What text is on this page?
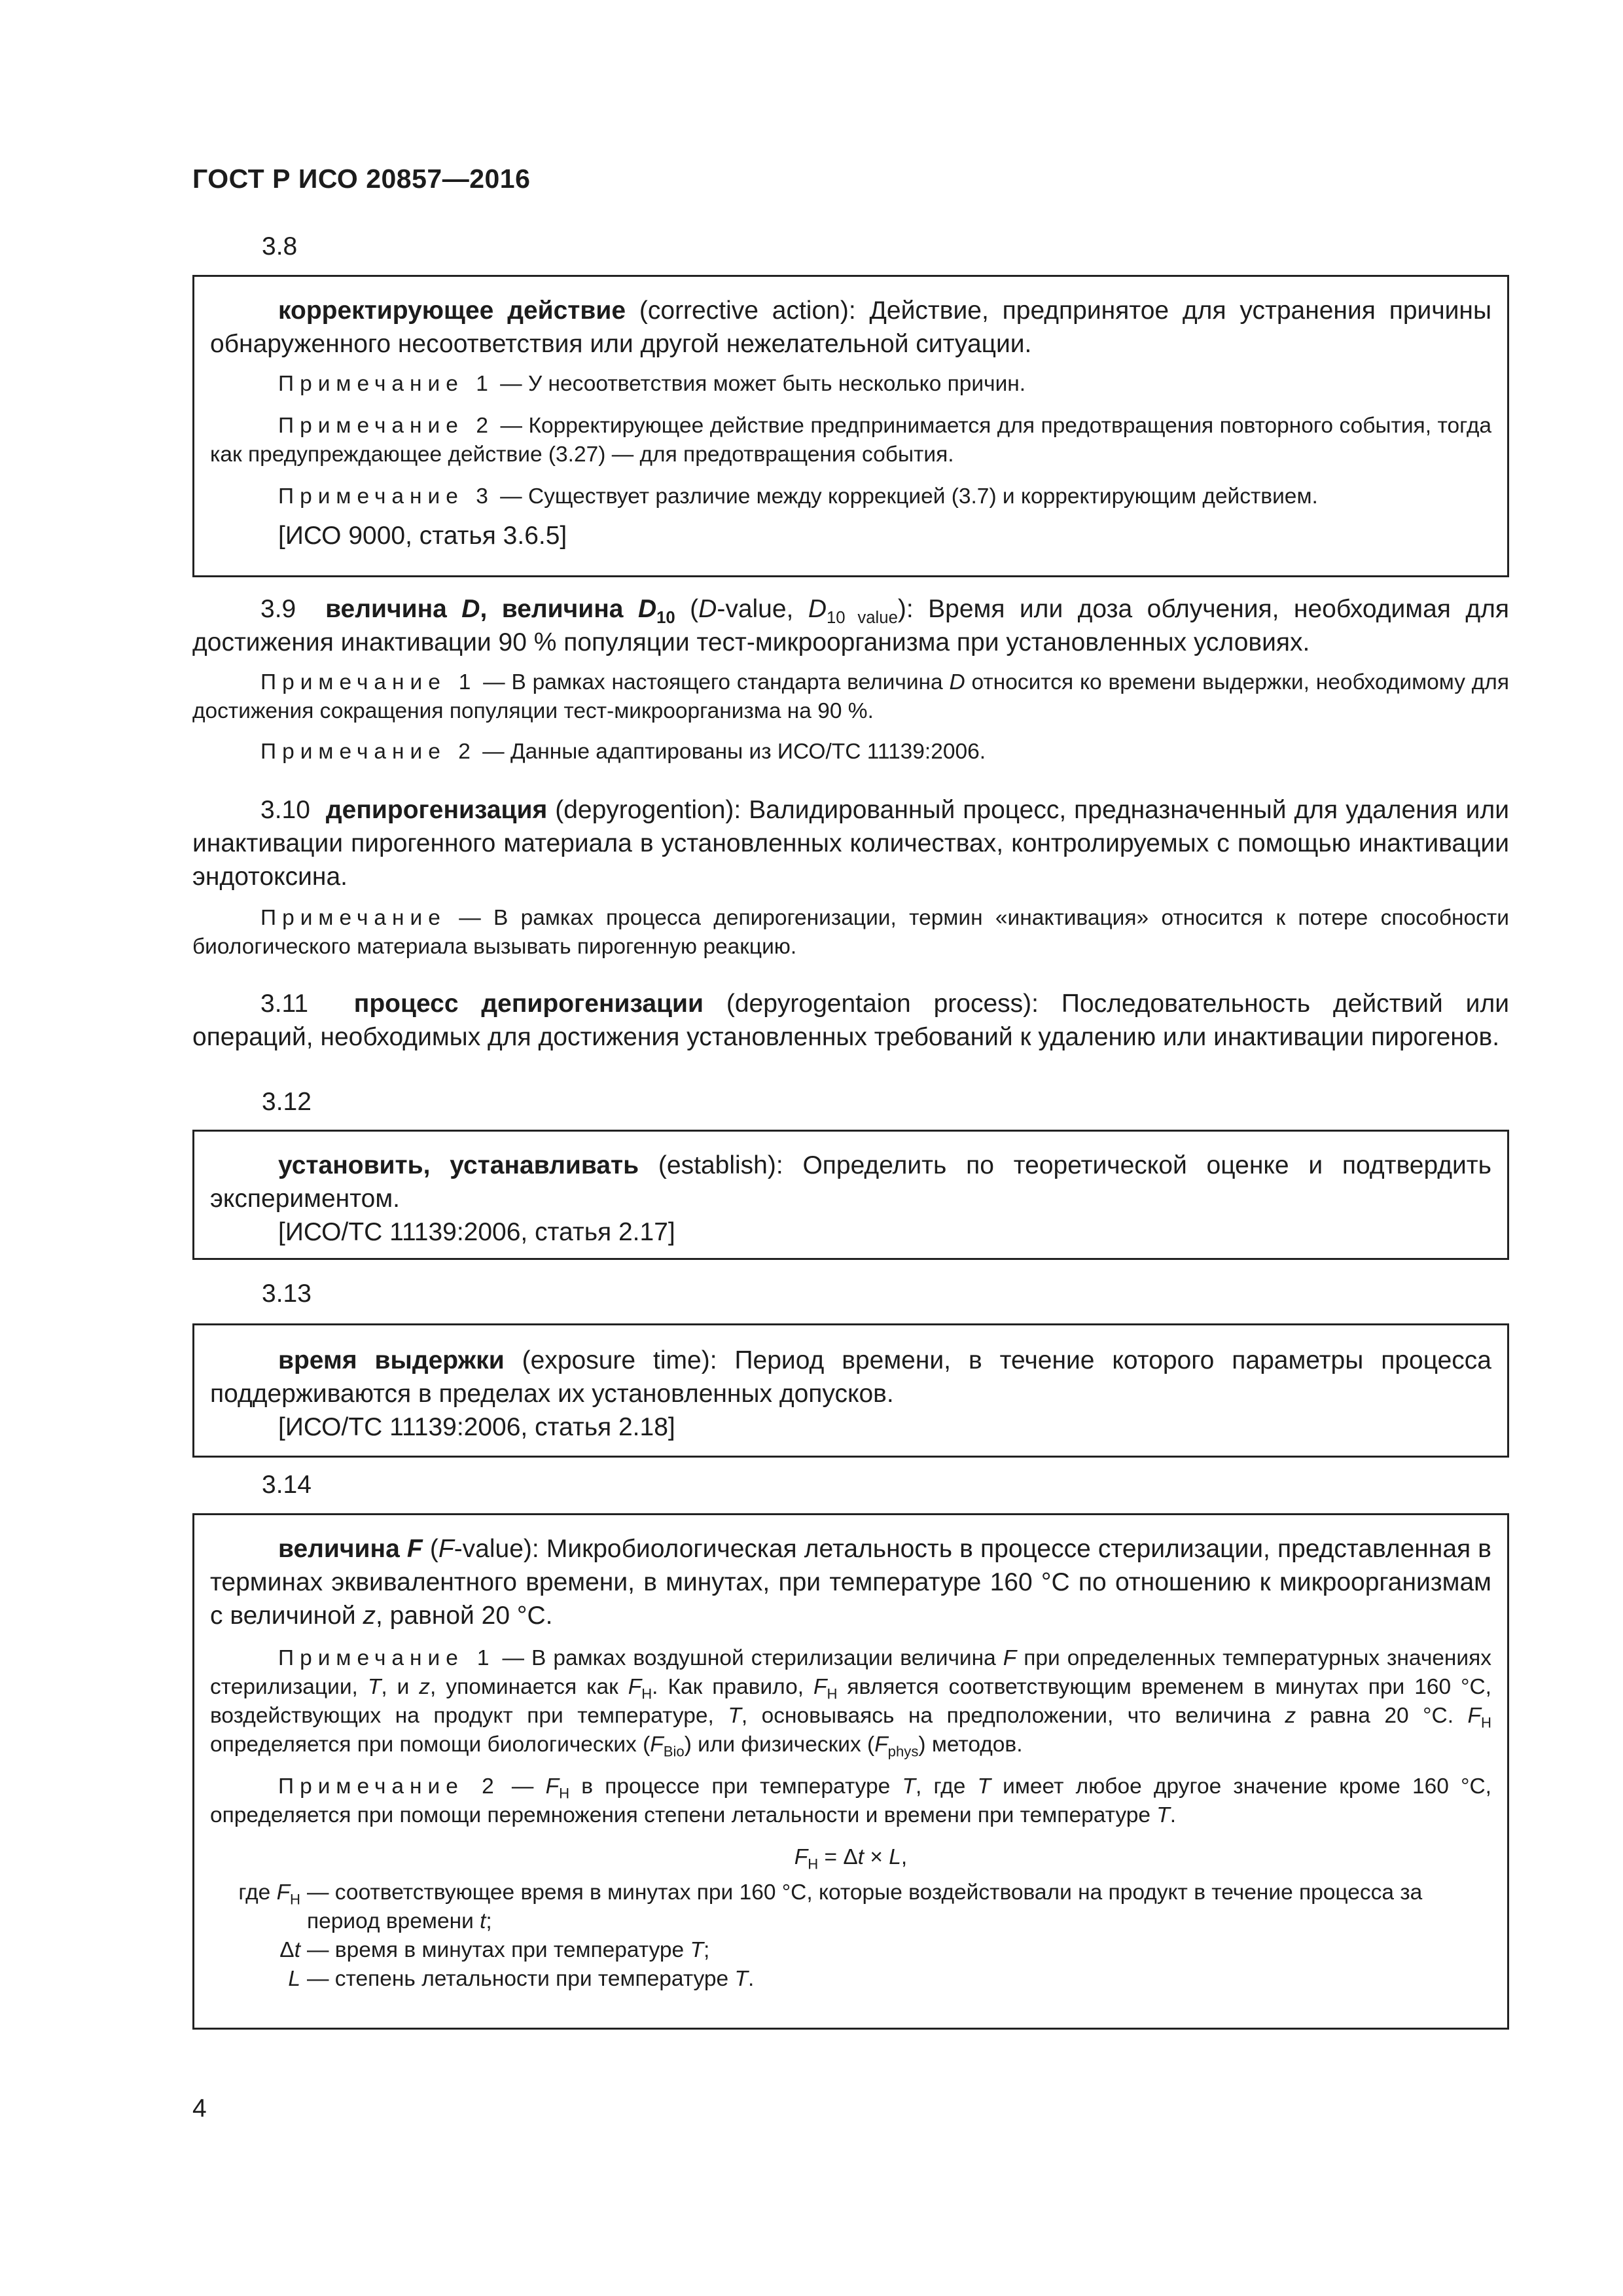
ГОСТ Р ИСО 20857—2016
3.8

корректирующее действие (corrective action): Действие, предпринятое для устранения причины обнаруженного несоответствия или другой нежелательной ситуации.

Примечание 1 — У несоответствия может быть несколько причин.

Примечание 2 — Корректирующее действие предпринимается для предотвращения повторного события, тогда как предупреждающее действие (3.27) — для предотвращения события.

Примечание 3 — Существует различие между коррекцией (3.7) и корректирующим действием.

[ИСО 9000, статья 3.6.5]

3.9 величина D, величина $D_{10}$ (D-value, $D_{10 value}$): Время или доза облучения, необходимая для достижения инактивации 90 % популяции тест-микроорганизма при установленных условиях.

Примечание 1 — В рамках настоящего стандарта величина D относится ко времени выдержки, необходимому для достижения сокращения популяции тест-микроорганизма на 90 %.

Примечание 2 — Данные адаптированы из ИСО/ТС 11139:2006.

3.10 депирогенизация (depyrogention): Валидированный процесс, предназначенный для удаления или инактивации пирогенного материала в установленных количествах, контролируемых с помощью инактивации эндотоксина.

Примечание — В рамках процесса депирогенизации, термин «инактивация» относится к потере способности биологического материала вызывать пирогенную реакцию.

3.11 процесс депирогенизации (depyrogentaion process): Последовательность действий или операций, необходимых для достижения установленных требований к удалению или инактивации пирогенов.

3.12

установить, устанавливать (establish): Определить по теоретической оценке и подтвердить экспериментом.

[ИСО/ТС 11139:2006, статья 2.17]

3.13

время выдержки (exposure time): Период времени, в течение которого параметры процесса поддерживаются в пределах их установленных допусков.

[ИСО/ТС 11139:2006, статья 2.18]

3.14

величина F (F-value): Микробиологическая летальность в процессе стерилизации, представленная в терминах эквивалентного времени, в минутах, при температуре 160 °С по отношению к микроорганизмам с величиной z, равной 20 °С.

Примечание 1 — В рамках воздушной стерилизации величина F при определенных температурных значениях стерилизации, T, и z, упоминается как $F_H$. Как правило, $F_H$ является соответствующим временем в минутах при 160 °С, воздействующих на продукт при температуре, T, основываясь на предположении, что величина z равна 20 °С. $F_H$ определяется при помощи биологических $(F_{Bio})$ или физических $(F_{phys})$ методов.

Примечание 2 — $F_H$ в процессе при температуре T, где T имеет любое другое значение кроме 160 °С, определяется при помощи перемножения степени летальности и времени при температуре T.

$F_H = \Delta t \times L$,

где $F_H$ — соответствующее время в минутах при 160 °С, которые воздействовали на продукт в течение процесса за период времени t;
Δt — время в минутах при температуре T;
L — степень летальности при температуре T.
4
